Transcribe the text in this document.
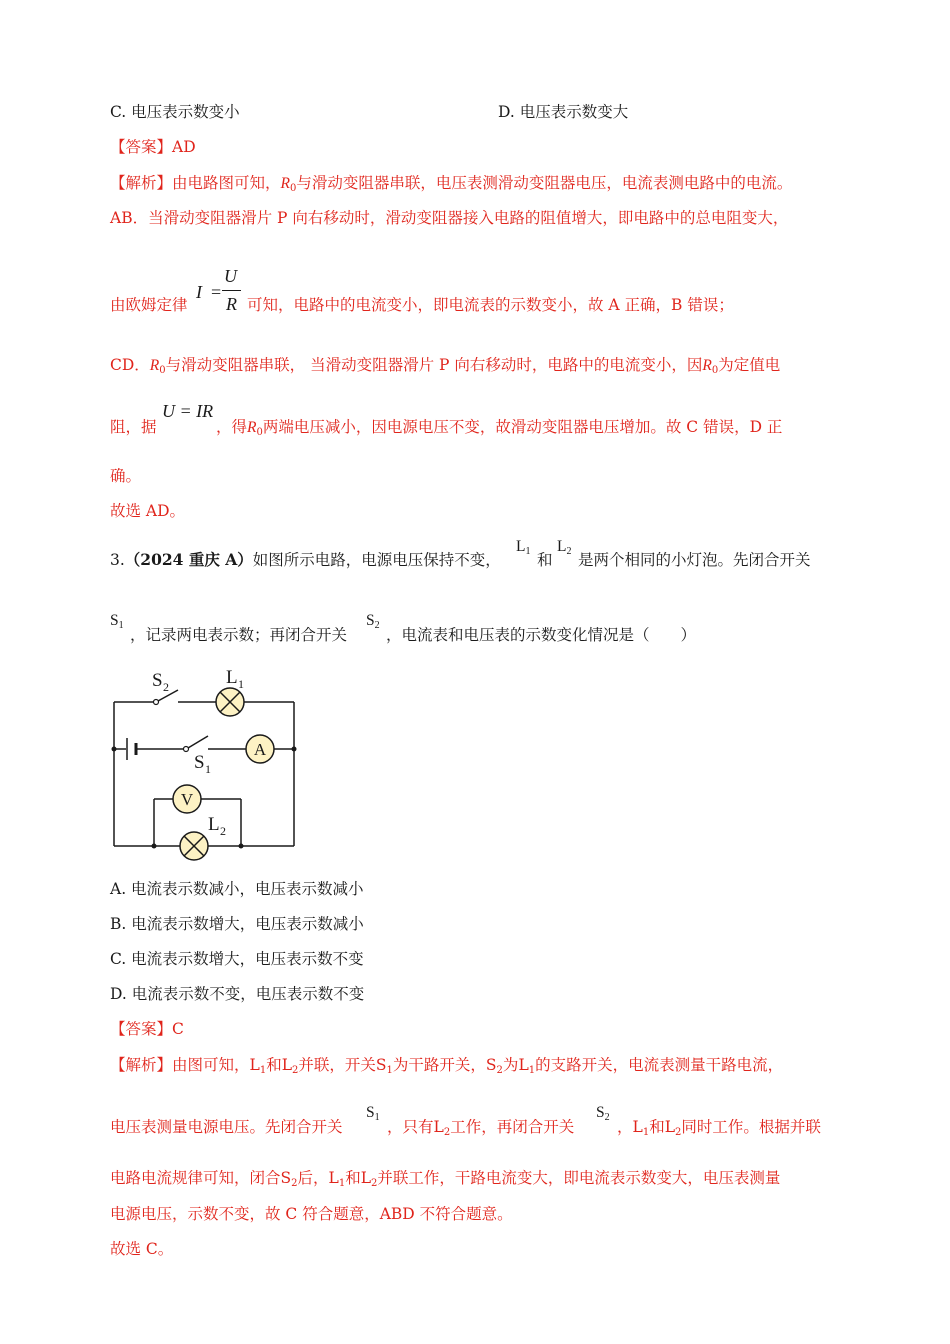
C. 电压表示数变小	D. 电压表示数变大
【答案】AD
【解析】由电路图可知，$R_0$与滑动变阻器串联，电压表测滑动变阻器电压，电流表测电路中的电流。
AB．当滑动变阻器滑片 P 向右移动时，滑动变阻器接入电路的阻值增大，即电路中的总电阻变大，
由欧姆定律
I =
U
R 可知，电路中的电流变小，即电流表的示数变小，故 A 正确，B 错误；
CD．$R_0$与滑动变阻器串联， 当滑动变阻器滑片 P 向右移动时，电路中的电流变小，因$R_0$为定值电
阻，据
U = IR
，得$R_0$两端电压减小，因电源电压不变，故滑动变阻器电压增加。故 C 错误，D 正
确。
故选 AD。
3.（2024 重庆 A）如图所示电路，电源电压保持不变，
$L_1$ 和
$L_2$ 是两个相同的小灯泡。先闭合开关
$S_1$
，记录两电表示数；再闭合开关
$S_2$
，电流表和电压表的示数变化情况是（　　）
A
V
S 2	L 1
S 1
L 2
A. 电流表示数减小，电压表示数减小
B. 电流表示数增大，电压表示数减小
C. 电流表示数增大，电压表示数不变
D. 电流表示数不变，电压表示数不变
【答案】C
【解析】由图可知，$L_1$和$L_2$并联，开关$S_1$为干路开关，$S_2$为$L_1$的支路开关，电流表测量干路电流，
电压表测量电源电压。先闭合开关
$S_1$
，只有$L_2$工作，再闭合开关
$S_2$
，$L_1$和$L_2$同时工作。根据并联
电路电流规律可知，闭合$S_2$后，$L_1$和$L_2$并联工作，干路电流变大，即电流表示数变大，电压表测量
电源电压，示数不变，故 C 符合题意，ABD 不符合题意。
故选 C。
